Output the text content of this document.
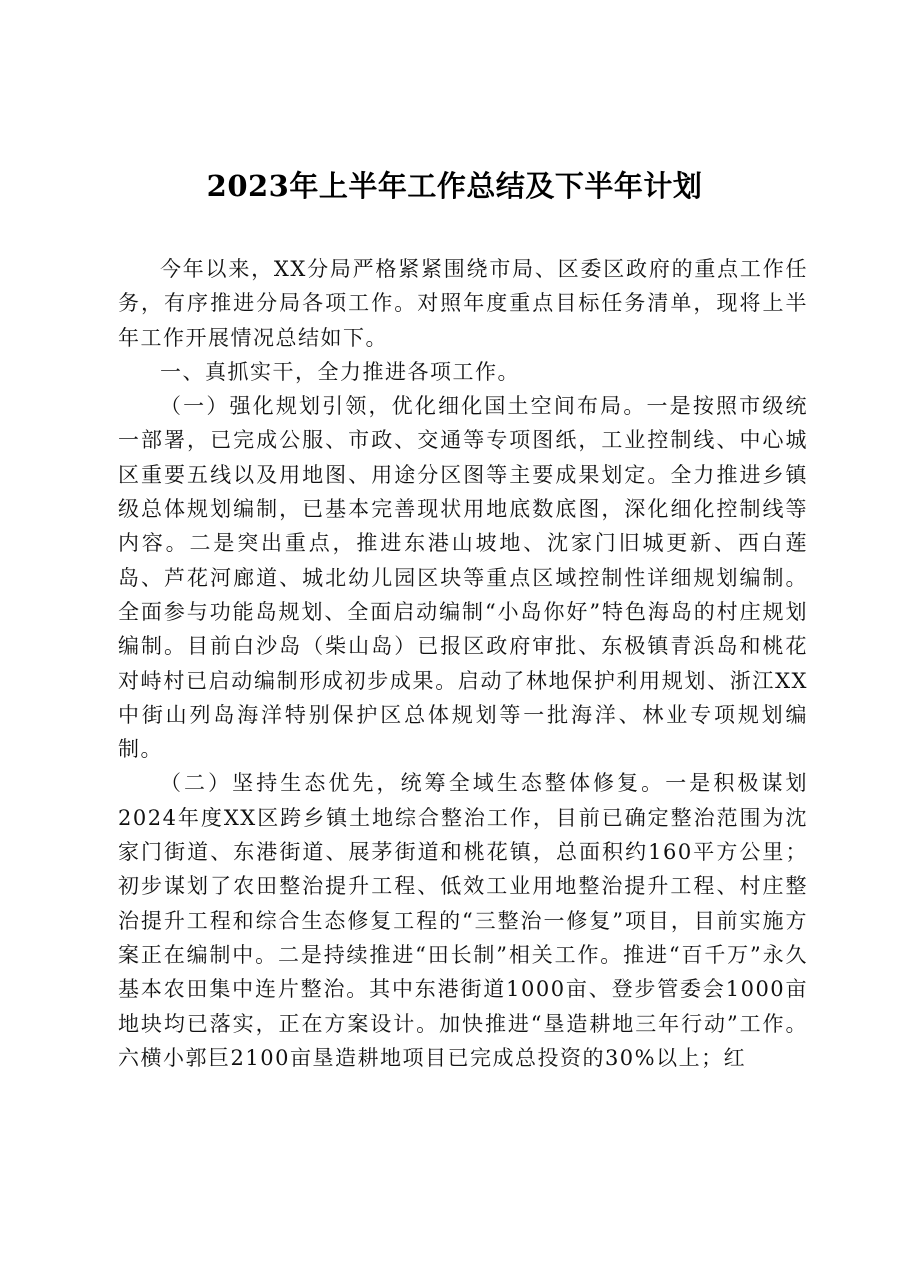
2023年上半年工作总结及下半年计划

今年以来，XX分局严格紧紧围绕市局、区委区政府的重点工作任务，有序推进分局各项工作。对照年度重点目标任务清单，现将上半年工作开展情况总结如下。

一、真抓实干，全力推进各项工作。

（一）强化规划引领，优化细化国土空间布局。一是按照市级统一部署，已完成公服、市政、交通等专项图纸，工业控制线、中心城区重要五线以及用地图、用途分区图等主要成果划定。全力推进乡镇级总体规划编制，已基本完善现状用地底数底图，深化细化控制线等内容。二是突出重点，推进东港山坡地、沈家门旧城更新、西白莲岛、芦花河廊道、城北幼儿园区块等重点区域控制性详细规划编制。全面参与功能岛规划、全面启动编制“小岛你好”特色海岛的村庄规划编制。目前白沙岛（柴山岛）已报区政府审批、东极镇青浜岛和桃花对峙村已启动编制形成初步成果。启动了林地保护利用规划、浙江XX中街山列岛海洋特别保护区总体规划等一批海洋、林业专项规划编制。

（二）坚持生态优先，统筹全域生态整体修复。一是积极谋划2024年度XX区跨乡镇土地综合整治工作，目前已确定整治范围为沈家门街道、东港街道、展茅街道和桃花镇，总面积约160平方公里；初步谋划了农田整治提升工程、低效工业用地整治提升工程、村庄整治提升工程和综合生态修复工程的“三整治一修复”项目，目前实施方案正在编制中。二是持续推进“田长制”相关工作。推进“百千万”永久基本农田集中连片整治。其中东港街道1000亩、登步管委会1000亩地块均已落实，正在方案设计。加快推进“垦造耕地三年行动”工作。六横小郭巨2100亩垦造耕地项目已完成总投资的30%以上；红
